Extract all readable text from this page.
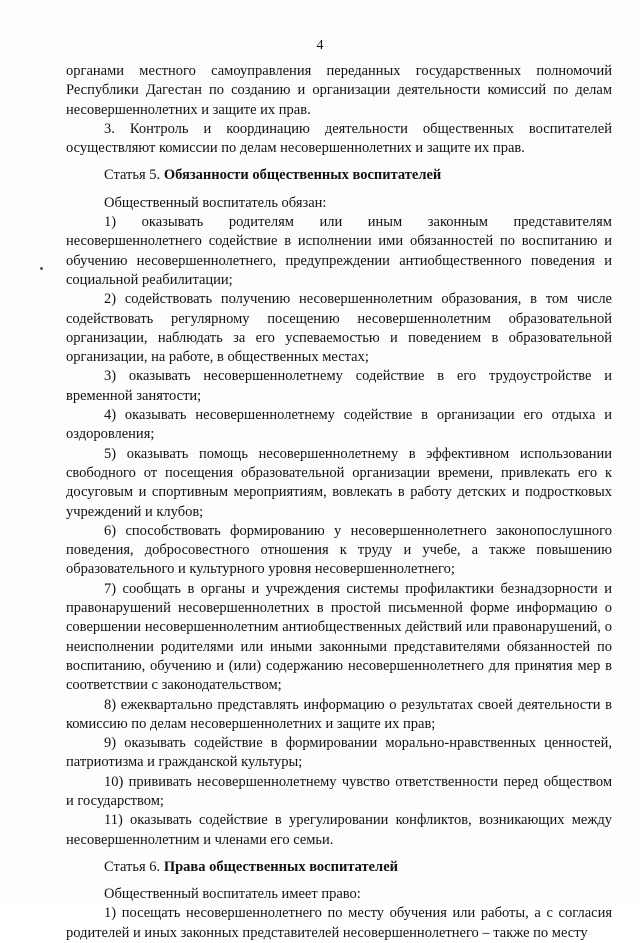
4

органами местного самоуправления переданных государственных полномочий Республики Дагестан по созданию и организации деятельности комиссий по делам несовершеннолетних и защите их прав.

3. Контроль и координацию деятельности общественных воспитателей осуществляют комиссии по делам несовершеннолетних и защите их прав.

Статья 5. Обязанности общественных воспитателей

Общественный воспитатель обязан:

1) оказывать родителям или иным законным представителям несовершеннолетнего содействие в исполнении ими обязанностей по воспитанию и обучению несовершеннолетнего, предупреждении антиобщественного поведения и социальной реабилитации;

2) содействовать получению несовершеннолетним образования, в том числе содействовать регулярному посещению несовершеннолетним образовательной организации, наблюдать за его успеваемостью и поведением в образовательной организации, на работе, в общественных местах;

3) оказывать несовершеннолетнему содействие в его трудоустройстве и временной занятости;

4) оказывать несовершеннолетнему содействие в организации его отдыха и оздоровления;

5) оказывать помощь несовершеннолетнему в эффективном использовании свободного от посещения образовательной организации времени, привлекать его к досуговым и спортивным мероприятиям, вовлекать в работу детских и подростковых учреждений и клубов;

6) способствовать формированию у несовершеннолетнего законопослушного поведения, добросовестного отношения к труду и учебе, а также повышению образовательного и культурного уровня несовершеннолетнего;

7) сообщать в органы и учреждения системы профилактики безнадзорности и правонарушений несовершеннолетних в простой письменной форме информацию о совершении несовершеннолетним антиобщественных действий или правонарушений, о неисполнении родителями или иными законными представителями обязанностей по воспитанию, обучению и (или) содержанию несовершеннолетнего для принятия мер в соответствии с законодательством;

8) ежеквартально представлять информацию о результатах своей деятельности в комиссию по делам несовершеннолетних и защите их прав;

9) оказывать содействие в формировании морально-нравственных ценностей, патриотизма и гражданской культуры;

10) прививать несовершеннолетнему чувство ответственности перед обществом и государством;

11) оказывать содействие в урегулировании конфликтов, возникающих между несовершеннолетним и членами его семьи.

Статья 6. Права общественных воспитателей

Общественный воспитатель имеет право:

1) посещать несовершеннолетнего по месту обучения или работы, а с согласия родителей и иных законных представителей несовершеннолетнего – также по месту
